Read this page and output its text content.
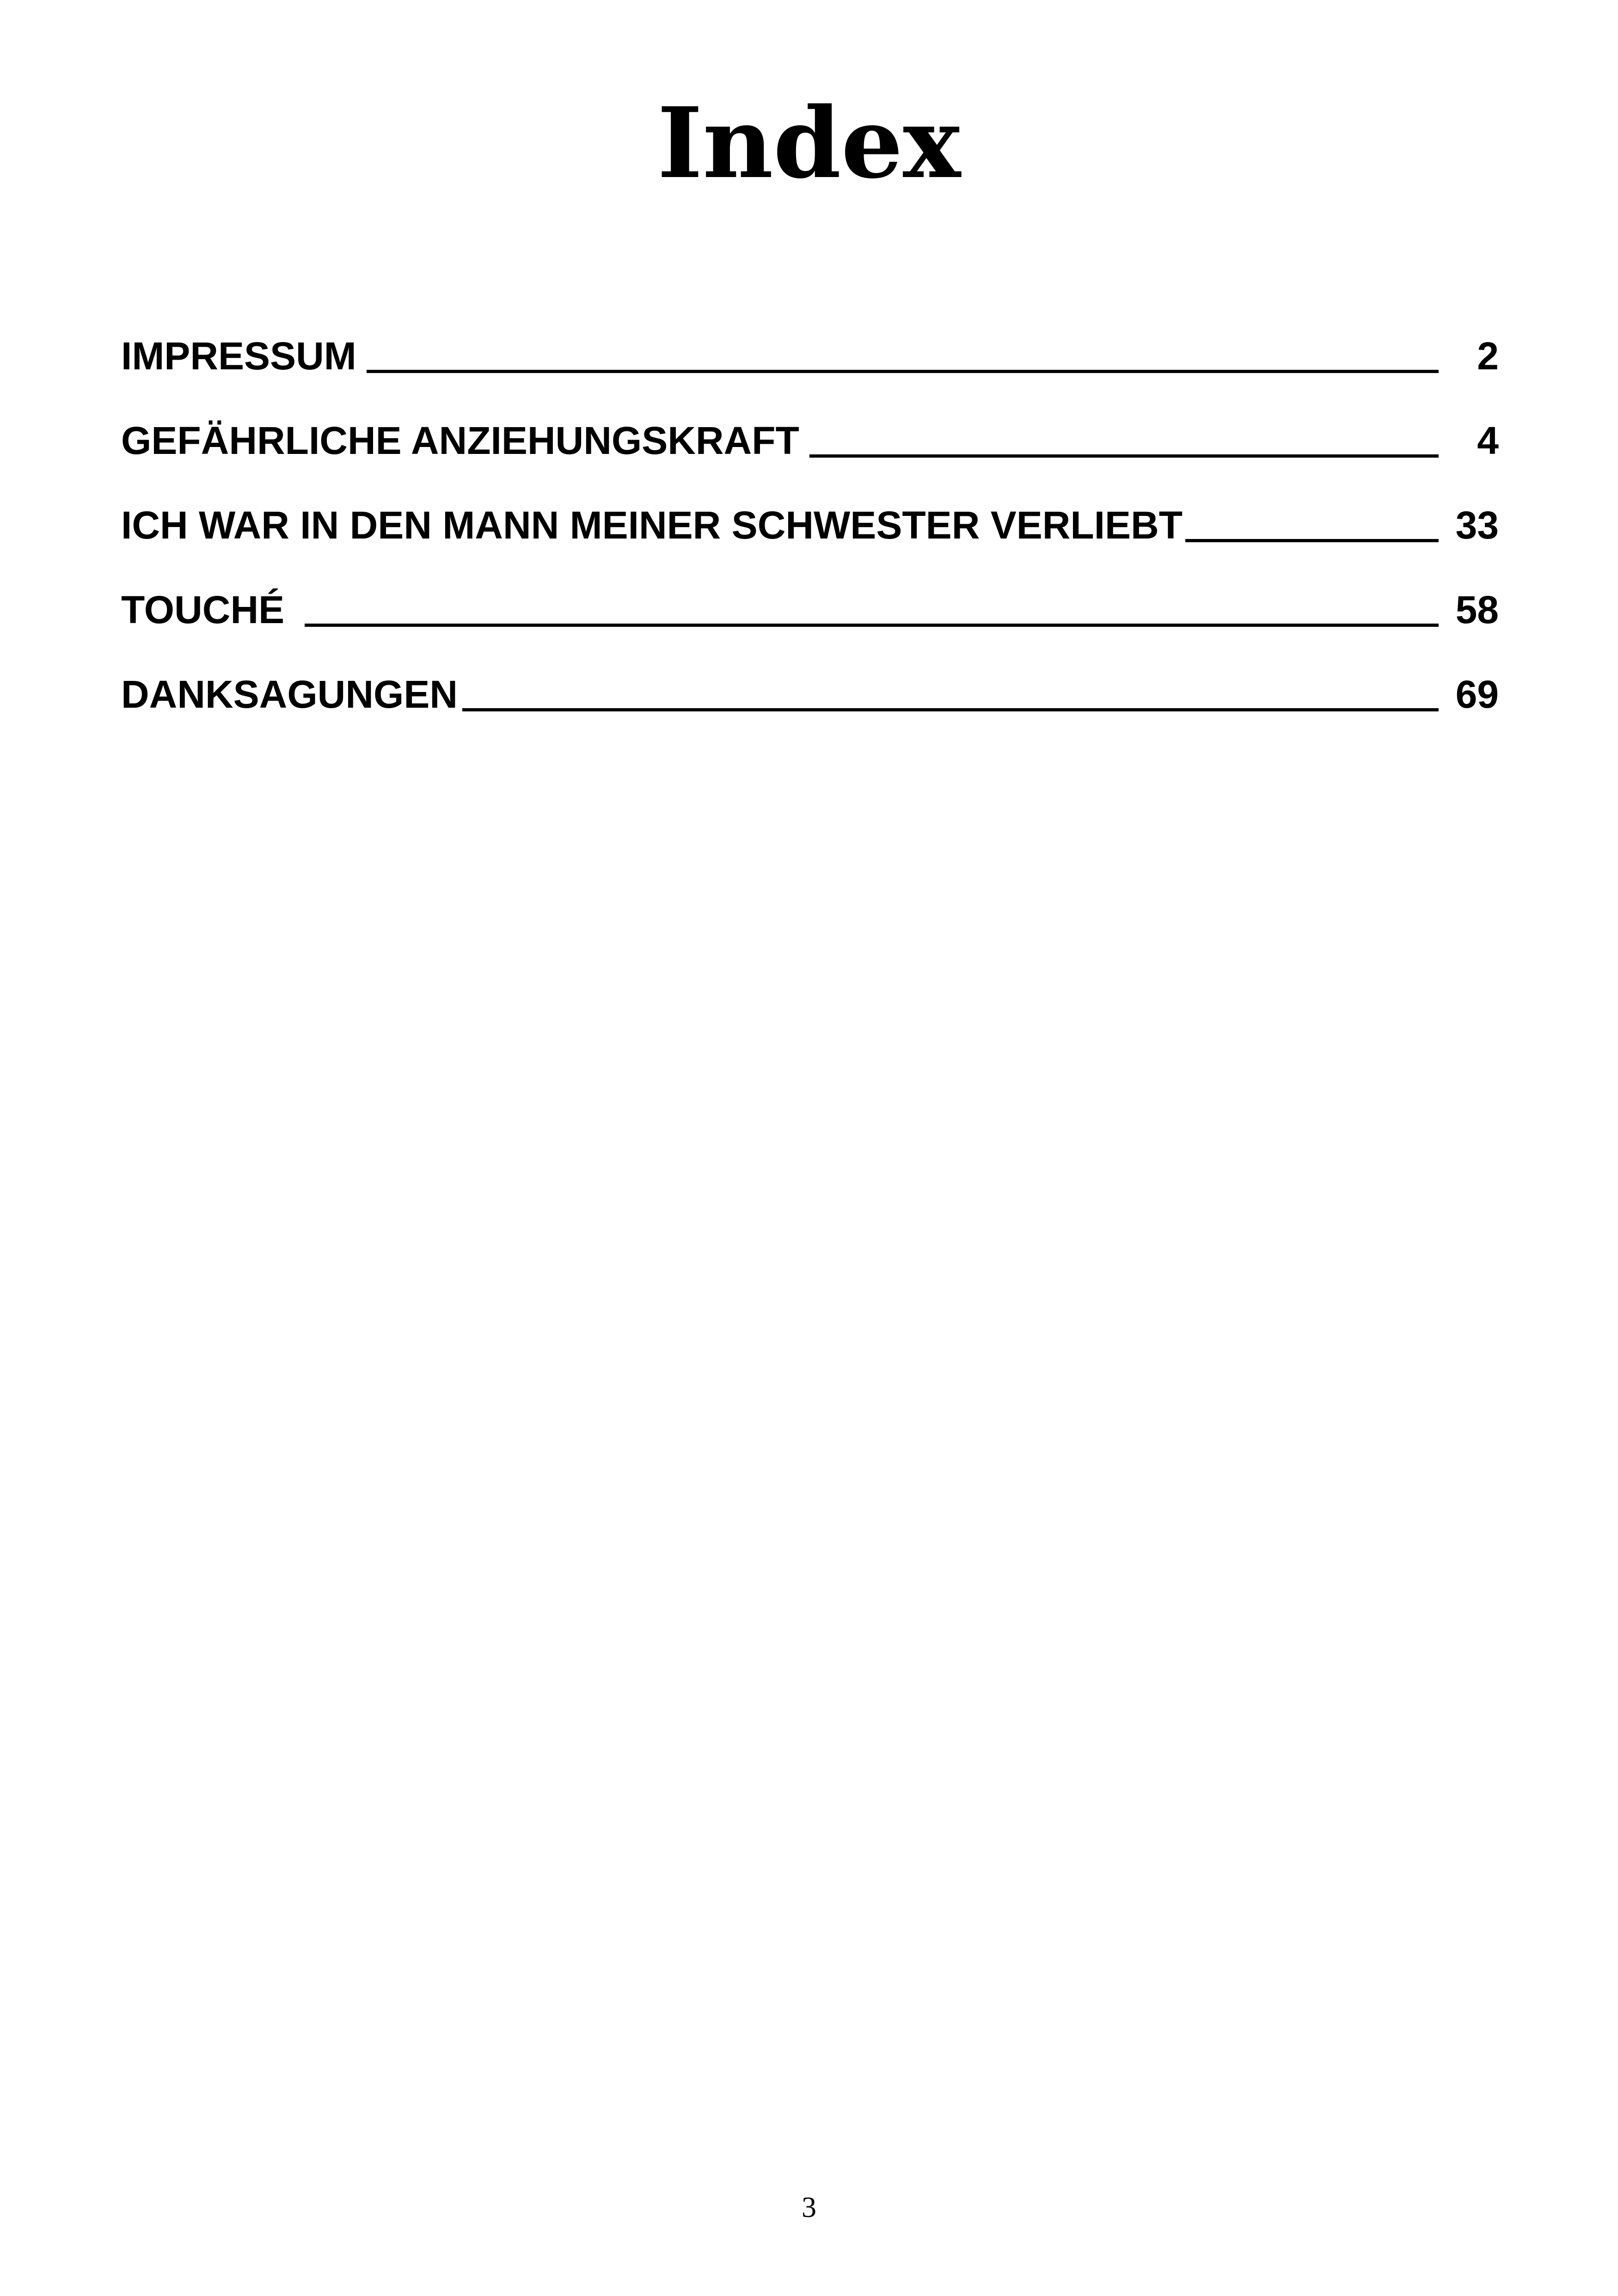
Index
IMPRESSUM	2
GEFÄHRLICHE ANZIEHUNGSKRAFT	4
ICH WAR IN DEN MANN MEINER SCHWESTER VERLIEBT	33
TOUCHÉ	58
DANKSAGUNGEN	69
3
